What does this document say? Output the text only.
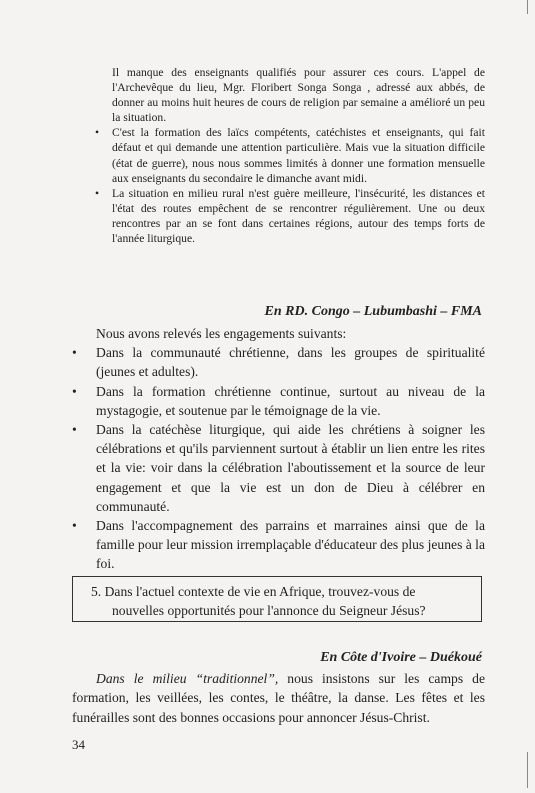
Il manque des enseignants qualifiés pour assurer ces cours. L'appel de l'Archevêque du lieu, Mgr. Floribert Songa Songa , adressé aux abbés, de donner au moins huit heures de cours de religion par semaine a amélioré un peu la situation.

• C'est la formation des laïcs compétents, catéchistes et enseignants, qui fait défaut et qui demande une attention particulière. Mais vue la situation difficile (état de guerre), nous nous sommes limités à donner une formation mensuelle aux enseignants du secondaire le dimanche avant midi.
• La situation en milieu rural n'est guère meilleure, l'insécurité, les distances et l'état des routes empêchent de se rencontrer régulièrement. Une ou deux rencontres par an se font dans certaines régions, autour des temps forts de l'année liturgique.
En RD. Congo – Lubumbashi – FMA

Nous avons relevés les engagements suivants:

• Dans la communauté chrétienne, dans les groupes de spiritualité (jeunes et adultes).
• Dans la formation chrétienne continue, surtout au niveau de la mystagogie, et soutenue par le témoignage de la vie.
• Dans la catéchèse liturgique, qui aide les chrétiens à soigner les célébrations et qu'ils parviennent surtout à établir un lien entre les rites et la vie: voir dans la célébration l'aboutissement et la source de leur engagement et que la vie est un don de Dieu à célébrer en communauté.
• Dans l'accompagnement des parrains et marraines ainsi que de la famille pour leur mission irremplaçable d'éducateur des plus jeunes à la foi.
5. Dans l'actuel contexte de vie en Afrique, trouvez-vous de
nouvelles opportunités pour l'annonce du Seigneur Jésus?
En Côte d'Ivoire – Duékoué

Dans le milieu “traditionnel”, nous insistons sur les camps de formation, les veillées, les contes, le théâtre, la danse. Les fêtes et les funérailles sont des bonnes occasions pour annoncer Jésus-Christ.

34
